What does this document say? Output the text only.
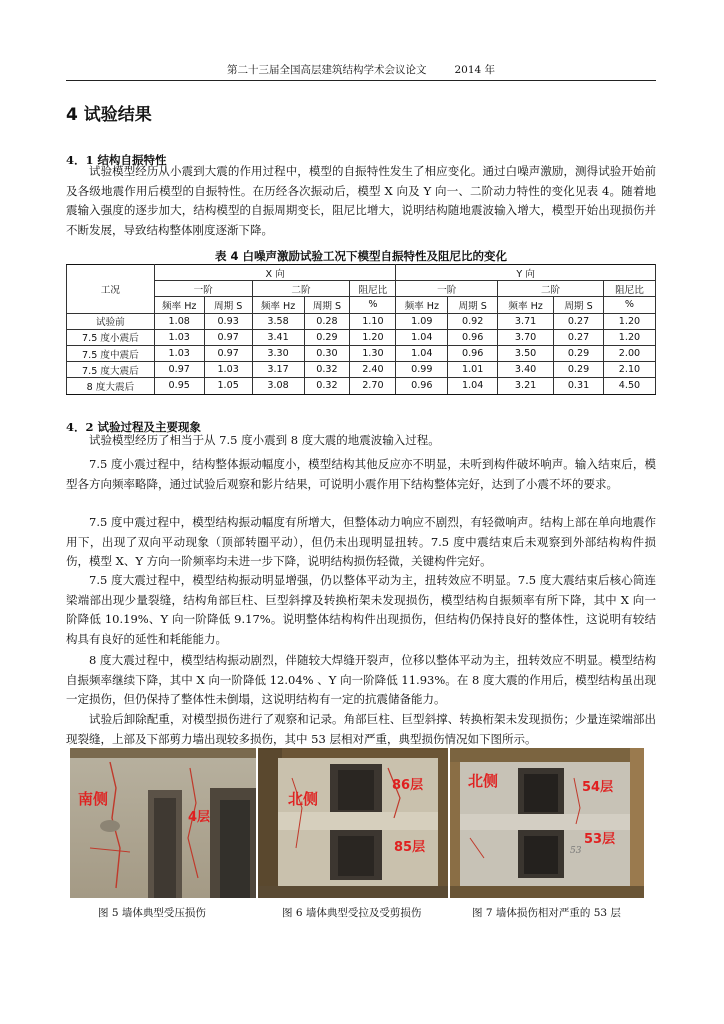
第二十三届全国高层建筑结构学术会议论文	2014 年
4 试验结果
4．1 结构自振特性

试验模型经历从小震到大震的作用过程中，模型的自振特性发生了相应变化。通过白噪声激励，测得试验开始前及各级地震作用后模型的自振特性。在历经各次振动后，模型 X 向及 Y 向一、二阶动力特性的变化见表 4。随着地震输入强度的逐步加大，结构模型的自振周期变长，阻尼比增大，说明结构随地震波输入增大，模型开始出现损伤并不断发展，导致结构整体刚度逐渐下降。

表 4 白噪声激励试验工况下模型自振特性及阻尼比的变化
工况	X 向					Y 向				
	一阶		二阶		阻尼比	一阶		二阶		阻尼比
	频率 Hz	周期 S	频率 Hz	周期 S	%	频率 Hz	周期 S	频率 Hz	周期 S	%
试验前	1.08	0.93	3.58	0.28	1.10	1.09	0.92	3.71	0.27	1.20
7.5 度小震后	1.03	0.97	3.41	0.29	1.20	1.04	0.96	3.70	0.27	1.20
7.5 度中震后	1.03	0.97	3.30	0.30	1.30	1.04	0.96	3.50	0.29	2.00
7.5 度大震后	0.97	1.03	3.17	0.32	2.40	0.99	1.01	3.40	0.29	2.10
8 度大震后	0.95	1.05	3.08	0.32	2.70	0.96	1.04	3.21	0.31	4.50
4．2 试验过程及主要现象

试验模型经历了相当于从 7.5 度小震到 8 度大震的地震波输入过程。

7.5 度小震过程中，结构整体振动幅度小，模型结构其他反应亦不明显，未听到构件破坏响声。输入结束后，模型各方向频率略降，通过试验后观察和影片结果，可说明小震作用下结构整体完好，达到了小震不坏的要求。

7.5 度中震过程中，模型结构振动幅度有所增大，但整体动力响应不剧烈，有轻微响声。结构上部在单向地震作用下，出现了双向平动现象（顶部转圈平动），但仍未出现明显扭转。7.5 度中震结束后未观察到外部结构构件损伤，模型 X、Y 方向一阶频率均未进一步下降，说明结构损伤轻微，关键构件完好。

7.5 度大震过程中，模型结构振动明显增强，仍以整体平动为主，扭转效应不明显。7.5 度大震结束后核心筒连梁端部出现少量裂缝，结构角部巨柱、巨型斜撑及转换桁架未发现损伤，模型结构自振频率有所下降，其中 X 向一阶降低 10.19%、Y 向一阶降低 9.17%。说明整体结构构件出现损伤，但结构仍保持良好的整体性，这说明有较结构具有良好的延性和耗能能力。

8 度大震过程中，模型结构振动剧烈，伴随较大焊缝开裂声，位移以整体平动为主，扭转效应不明显。模型结构自振频率继续下降，其中 X 向一阶降低 12.04% 、Y 向一阶降低 11.93%。在 8 度大震的作用后，模型结构虽出现一定损伤，但仍保持了整体性未倒塌，这说明结构有一定的抗震储备能力。

试验后卸除配重，对模型损伤进行了观察和记录。角部巨柱、巨型斜撑、转换桁架未发现损伤；少量连梁端部出现裂缝，上部及下部剪力墙出现较多损伤，其中 53 层相对严重，典型损伤情况如下图所示。

南侧
4层
北侧
86层
85层
北侧	54层
53层
53
图 5 墙体典型受压损伤	图 6 墙体典型受拉及受剪损伤	图 7 墙体损伤相对严重的 53 层
